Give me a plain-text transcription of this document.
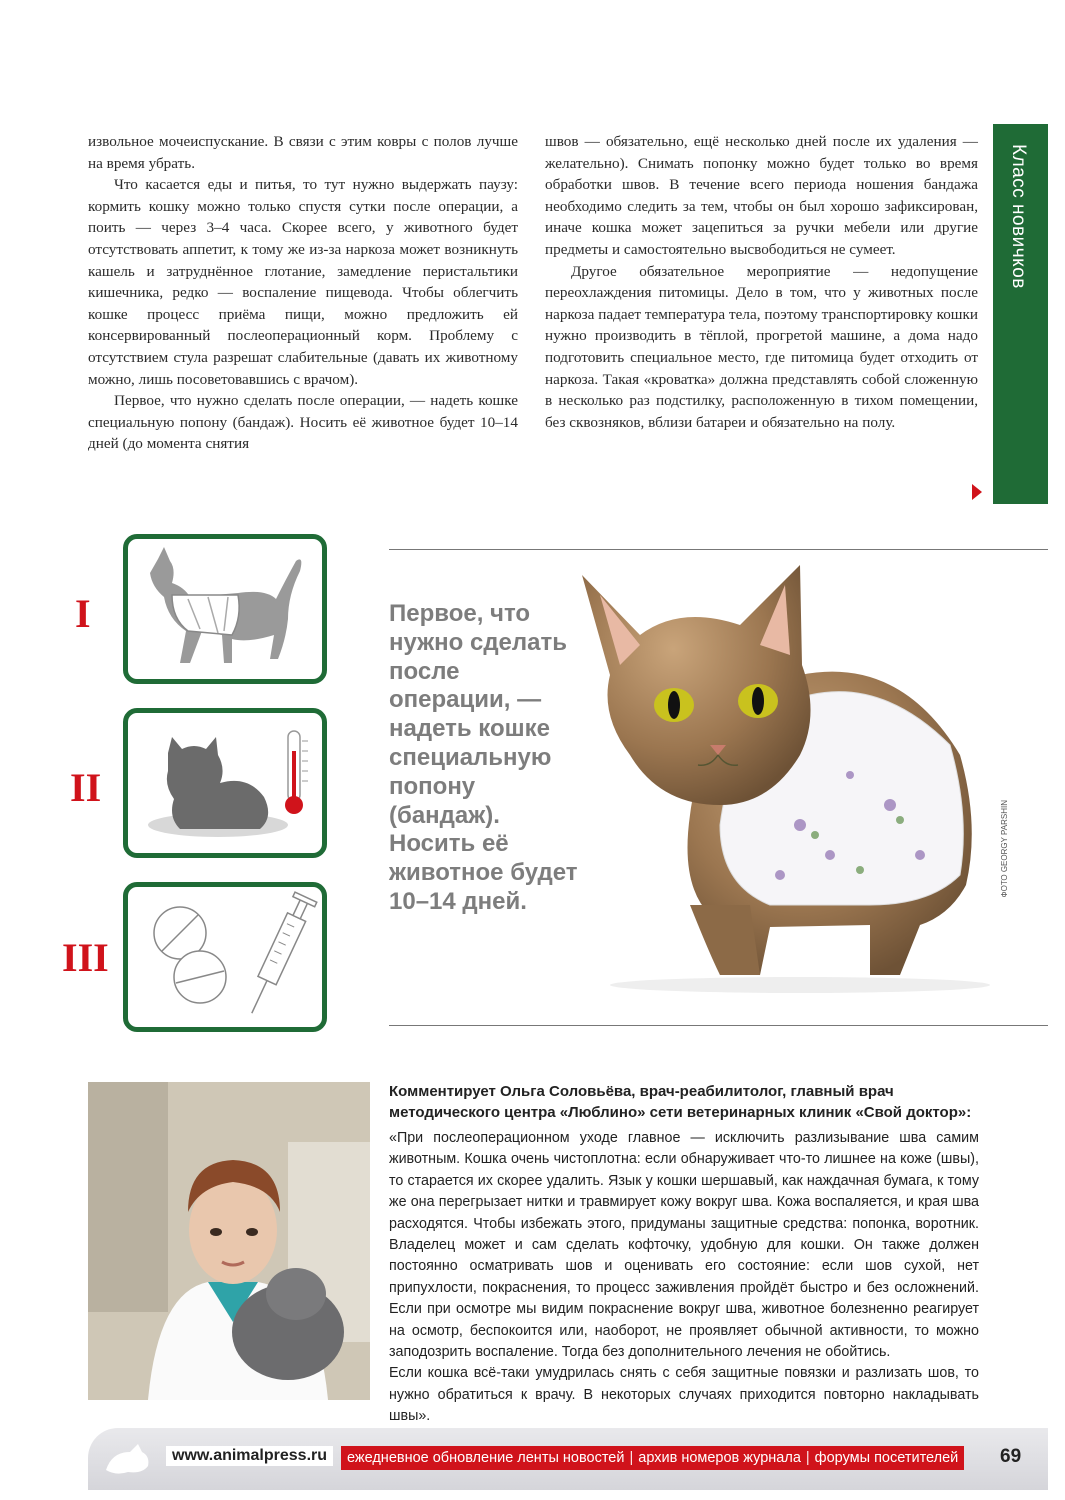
извольное мочеиспускание. В связи с этим ковры с полов лучше на время убрать.

Что касается еды и питья, то тут нужно выдержать паузу: кормить кошку можно только спустя сутки после операции, а поить — через 3–4 часа. Скорее всего, у животного будет отсутствовать аппетит, к тому же из-за наркоза может возникнуть кашель и затруднённое глотание, замедление перистальтики кишечника, редко — воспаление пищевода. Чтобы облегчить кошке процесс приёма пищи, можно предложить ей консервированный послеоперационный корм. Проблему с отсутствием стула разрешат слабительные (давать их животному можно, лишь посоветовавшись с врачом).

Первое, что нужно сделать после операции, — надеть кошке специальную попону (бандаж). Носить её животное будет 10–14 дней (до момента снятия

швов — обязательно, ещё несколько дней после их удаления — желательно). Снимать попонку можно будет только во время обработки швов. В течение всего периода ношения бандажа необходимо следить за тем, чтобы он был хорошо зафиксирован, иначе кошка может зацепиться за ручки мебели или другие предметы и самостоятельно высвободиться не сумеет.

Другое обязательное мероприятие — недопущение переохлаждения питомицы. Дело в том, что у животных после наркоза падает температура тела, поэтому транспортировку кошки нужно производить в тёплой, прогретой машине, а дома надо подготовить специальное место, где питомица будет отходить от наркоза. Такая «кроватка» должна представлять собой сложенную в несколько раз подстилку, расположенную в тихом помещении, без сквозняков, вблизи батареи и обязательно на полу.

Класс новичков
I
II
III
Первое, что нужно сделать после операции, — надеть кошке специальную попону (бандаж). Носить её животное будет 10–14 дней.
ФОТО GEORGY PARSHIN
Комментирует Ольга Соловьёва, врач-реабилитолог, главный врач методического центра «Люблино» сети ветеринарных клиник «Свой доктор»:

«При послеоперационном уходе главное — исключить разлизывание шва самим животным. Кошка очень чистоплотна: если обнаруживает что-то лишнее на коже (швы), то старается их скорее удалить. Язык у кошки шершавый, как наждачная бумага, к тому же она перегрызает нитки и травмирует кожу вокруг шва. Кожа воспаляется, и края шва расходятся. Чтобы избежать этого, придуманы защитные средства: попонка, воротник. Владелец может и сам сделать кофточку, удобную для кошки. Он также должен постоянно осматривать шов и оценивать его состояние: если шов сухой, нет припухлости, покраснения, то процесс заживления пройдёт быстро и без осложнений. Если при осмотре мы видим покраснение вокруг шва, животное болезненно реагирует на осмотр, беспокоится или, наоборот, не проявляет обычной активности, то можно заподозрить воспаление. Тогда без дополнительного лечения не обойтись.

Если кошка всё-таки умудрилась снять с себя защитные повязки и разлизать шов, то нужно обратиться к врачу. В некоторых случаях приходится повторно накладывать швы».

www.animalpress.ru	ежедневное обновление ленты новостей | архив номеров журнала | форумы посетителей 69
